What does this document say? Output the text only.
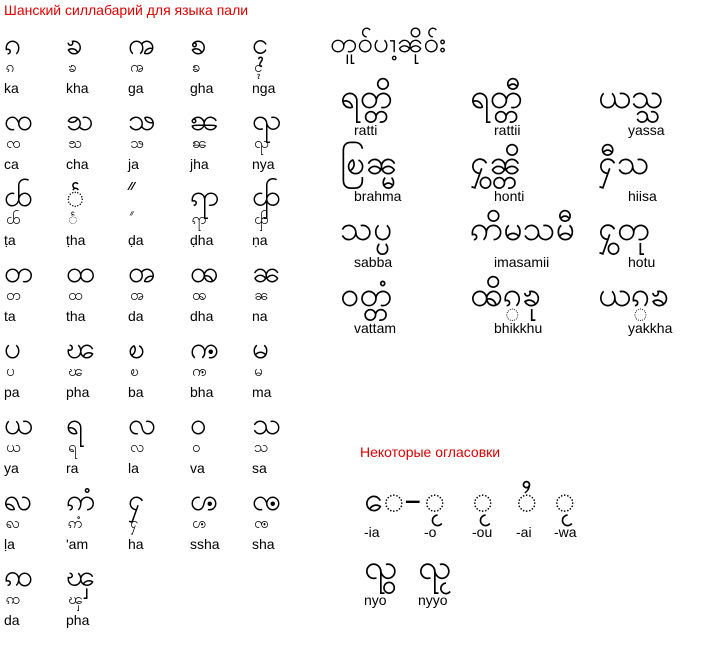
Шанский силлабарий для языка пали
ၵ
ၵ
ka
ၶ
ၶ
kha
ꩠ
ꩠ
ga
ꧠ
ꧠ
gha
ၚ
ၚ
nga
ၸ
ၸ
ca
ꧡ
ꧡ
cha
ꧢ
ꧢ
ja
ꧣ
ꧣ
jha
ၺ
ၺ
nya
ꧤ
ꧤ
ṭa
ꧥ
ꧥ
ṭha
ꧦ
ꧦ
ḍa
ꧧ
ꧧ
ḍha
ꧨ
ꧨ
ṇa
တ
တ
ta
ထ
ထ
tha
ၻ
ၻ
da
ꩪ
ꩪ
dha
ၼ
ၼ
na
ပ
ပ
pa
ၽ
ၽ
pha
ၿ
ၿ
ba
ꧩ
ꧩ
bha
မ
မ
ma
ယ
ယ
ya
ရ
ရ
ra
လ
လ
la
ဝ
ဝ
va
သ
သ
sa
ꩮ
ꩮ
ḷa
ဢံ
ဢံ
'am
ႁ
ႁ
ha
ꧪ
ꧪ
ssha
ꧫ
ꧫ
sha
ꩡ
ꩡ
da
ၾ
ၾ
pha
တူဝ်ပၢ့ၼိုဝ်း
ရတ္တိ
ratti
ရတ္တီ
rattii
ယသ္သ
yassa
ၿြၼ္မ
brahma
ႁွၼ္တိ
honti
ႁီသ
hiisa
သပ္ပ
sabba
ဢိမသမီ
imasamii
ႁွတု
hotu
ဝတ္တံ
vattam
ꩪိၵ္ၶု
bhikkhu
ယၵ္ၶ
yakkha
Некоторые огласовки
ေ–
-ia
ႂ
-o
ႂ
-ou
ႆ
-ai
ႂ
-wa
ၺွ
nyo
ၺႂ
nyyo
